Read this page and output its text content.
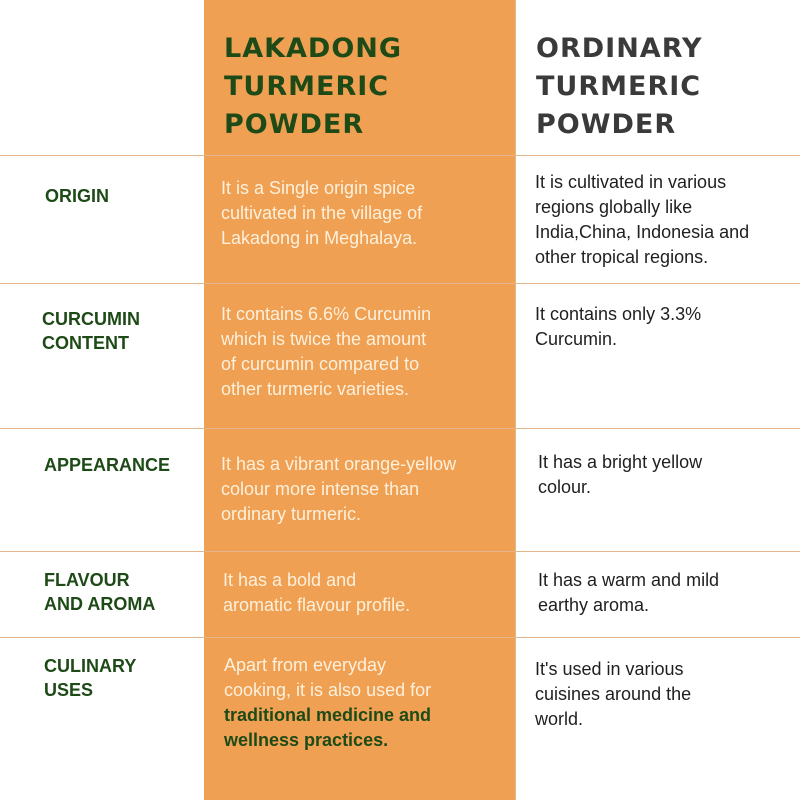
LAKADONG
TURMERIC
POWDER
ORDINARY
TURMERIC
POWDER
ORIGIN	It is a Single origin spice
cultivated in the village of
Lakadong in Meghalaya.
It is cultivated in various
regions globally like
India,China, Indonesia and
other tropical regions.
CURCUMIN
CONTENT
It contains 6.6% Curcumin
which is twice the amount
of curcumin compared to
other turmeric varieties.
It contains only 3.3%
Curcumin.
APPEARANCE	It has a vibrant orange-yellow
colour more intense than
ordinary turmeric.
It has a bright yellow
colour.
FLAVOUR
AND AROMA
It has a bold and
aromatic flavour profile.
It has a warm and mild
earthy aroma.
CULINARY
USES
Apart from everyday
cooking, it is also used for
traditional medicine and
wellness practices.
It's used in various
cuisines around the
world.
